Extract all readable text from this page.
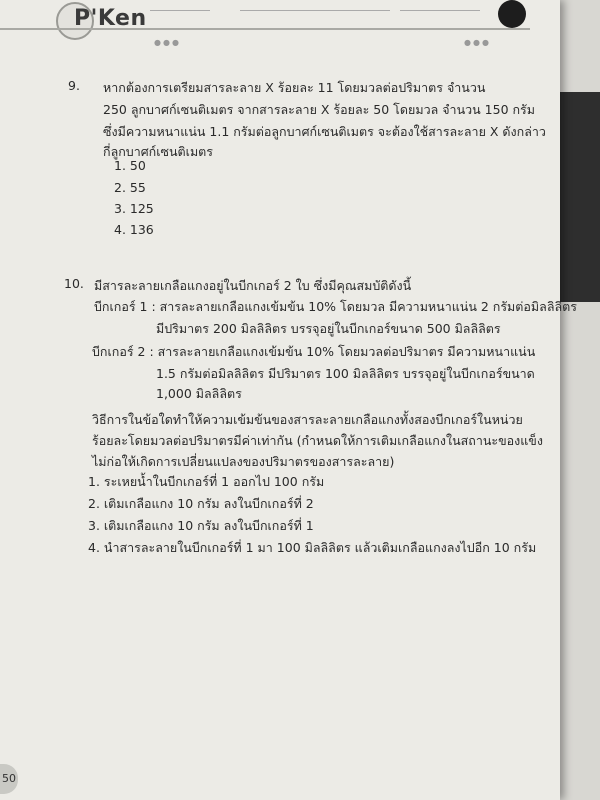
P'Ken
●●●	●●●
9. หากต้องการเตรียมสารละลาย X ร้อยละ 11 โดยมวลต่อปริมาตร จำนวน
250 ลูกบาศก์เซนติเมตร จากสารละลาย X ร้อยละ 50 โดยมวล จำนวน 150 กรัม
ซึ่งมีความหนาแน่น 1.1 กรัมต่อลูกบาศก์เซนติเมตร จะต้องใช้สารละลาย X ดังกล่าว
กี่ลูกบาศก์เซนติเมตร
1. 50
2. 55
3. 125
4. 136
10. มีสารละลายเกลือแกงอยู่ในบีกเกอร์ 2 ใบ ซึ่งมีคุณสมบัติดังนี้
บีกเกอร์ 1 : สารละลายเกลือแกงเข้มข้น 10% โดยมวล มีความหนาแน่น 2 กรัมต่อมิลลิลิตร
มีปริมาตร 200 มิลลิลิตร บรรจุอยู่ในบีกเกอร์ขนาด 500 มิลลิลิตร
บีกเกอร์ 2 : สารละลายเกลือแกงเข้มข้น 10% โดยมวลต่อปริมาตร มีความหนาแน่น
1.5 กรัมต่อมิลลิลิตร มีปริมาตร 100 มิลลิลิตร บรรจุอยู่ในบีกเกอร์ขนาด
1,000 มิลลิลิตร
วิธีการในข้อใดทำให้ความเข้มข้นของสารละลายเกลือแกงทั้งสองบีกเกอร์ในหน่วย
ร้อยละโดยมวลต่อปริมาตรมีค่าเท่ากัน (กำหนดให้การเติมเกลือแกงในสถานะของแข็ง
ไม่ก่อให้เกิดการเปลี่ยนแปลงของปริมาตรของสารละลาย)
1. ระเหยน้ำในบีกเกอร์ที่ 1 ออกไป 100 กรัม
2. เติมเกลือแกง 10 กรัม ลงในบีกเกอร์ที่ 2
3. เติมเกลือแกง 10 กรัม ลงในบีกเกอร์ที่ 1
4. นำสารละลายในบีกเกอร์ที่ 1 มา 100 มิลลิลิตร แล้วเติมเกลือแกงลงไปอีก 10 กรัม
50
